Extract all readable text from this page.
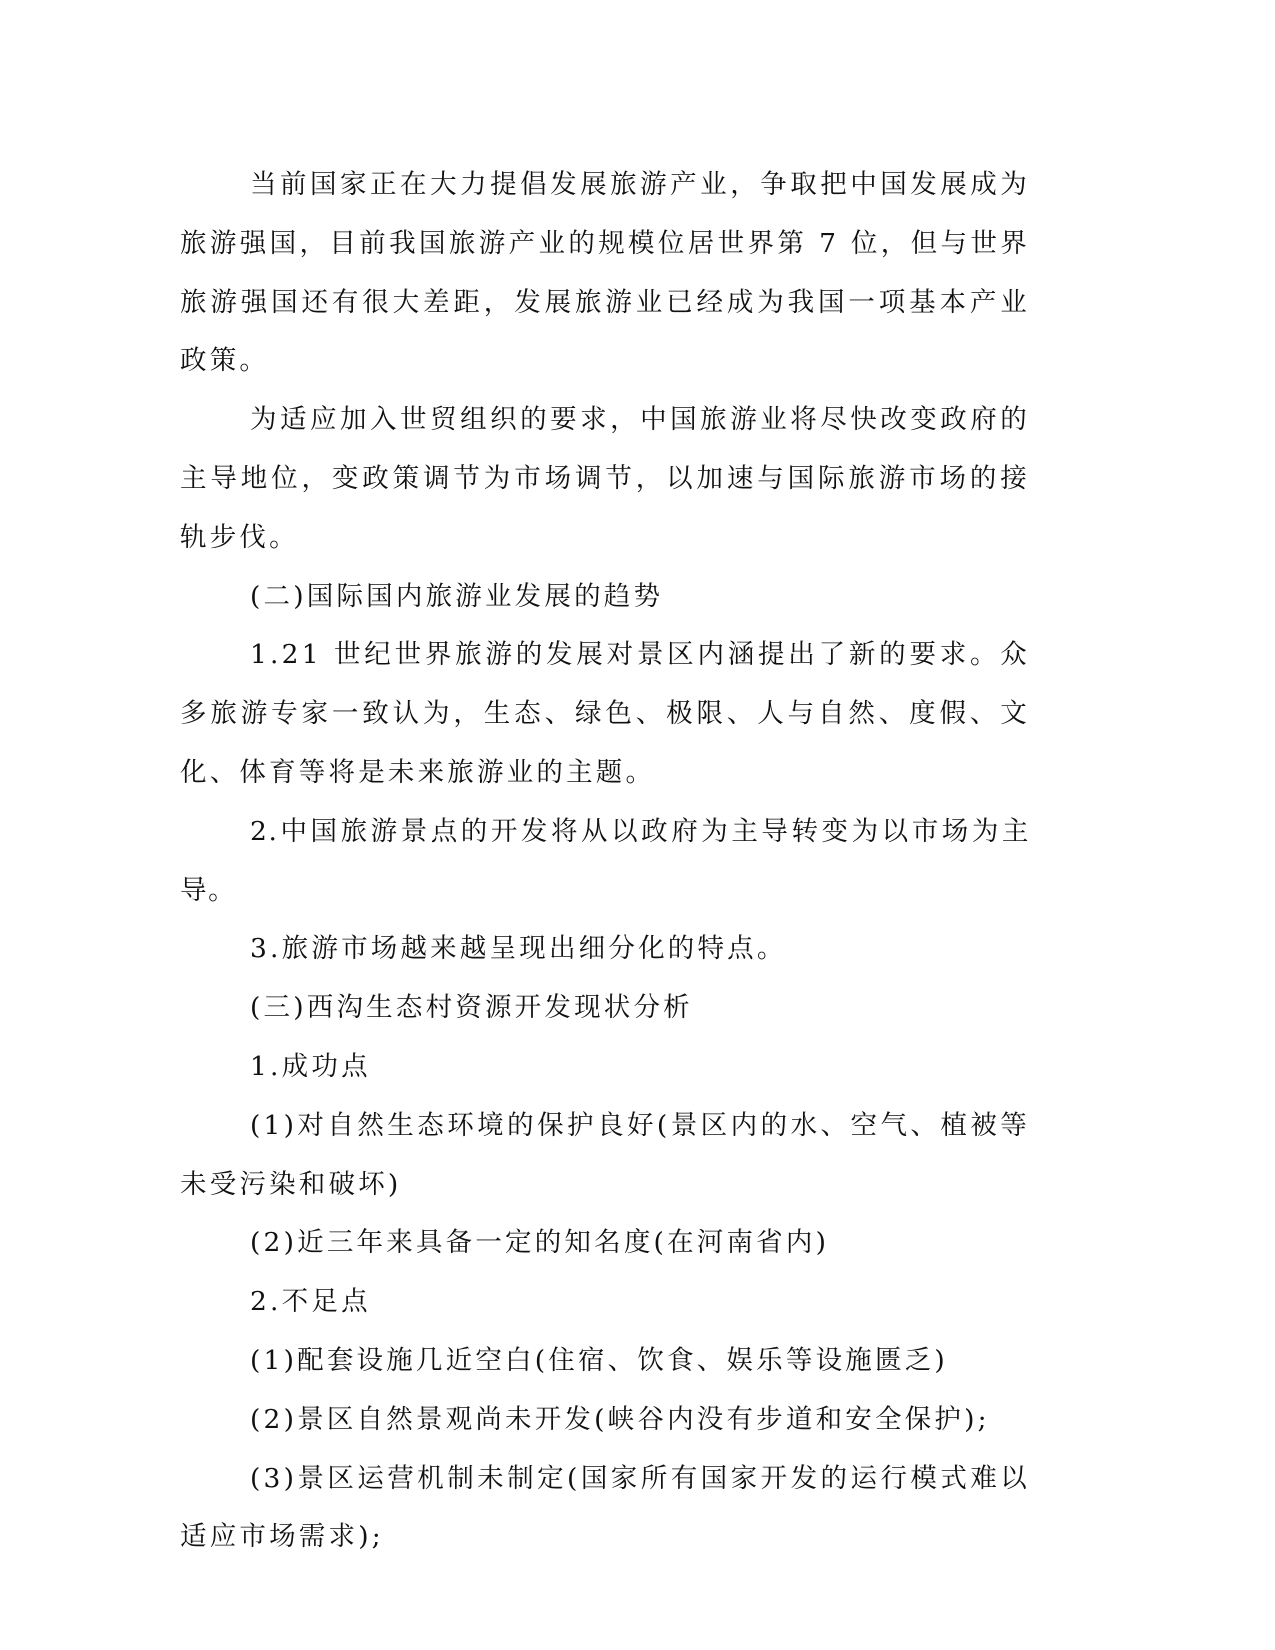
当前国家正在大力提倡发展旅游产业，争取把中国发展成为旅游强国，目前我国旅游产业的规模位居世界第 7 位，但与世界旅游强国还有很大差距，发展旅游业已经成为我国一项基本产业政策。

为适应加入世贸组织的要求，中国旅游业将尽快改变政府的主导地位，变政策调节为市场调节，以加速与国际旅游市场的接轨步伐。

(二)国际国内旅游业发展的趋势

1.21 世纪世界旅游的发展对景区内涵提出了新的要求。众多旅游专家一致认为，生态、绿色、极限、人与自然、度假、文化、体育等将是未来旅游业的主题。

2.中国旅游景点的开发将从以政府为主导转变为以市场为主导。

3.旅游市场越来越呈现出细分化的特点。

(三)西沟生态村资源开发现状分析

1.成功点

(1)对自然生态环境的保护良好(景区内的水、空气、植被等未受污染和破坏)

(2)近三年来具备一定的知名度(在河南省内)

2.不足点

(1)配套设施几近空白(住宿、饮食、娱乐等设施匮乏)

(2)景区自然景观尚未开发(峡谷内没有步道和安全保护);

(3)景区运营机制未制定(国家所有国家开发的运行模式难以适应市场需求);
